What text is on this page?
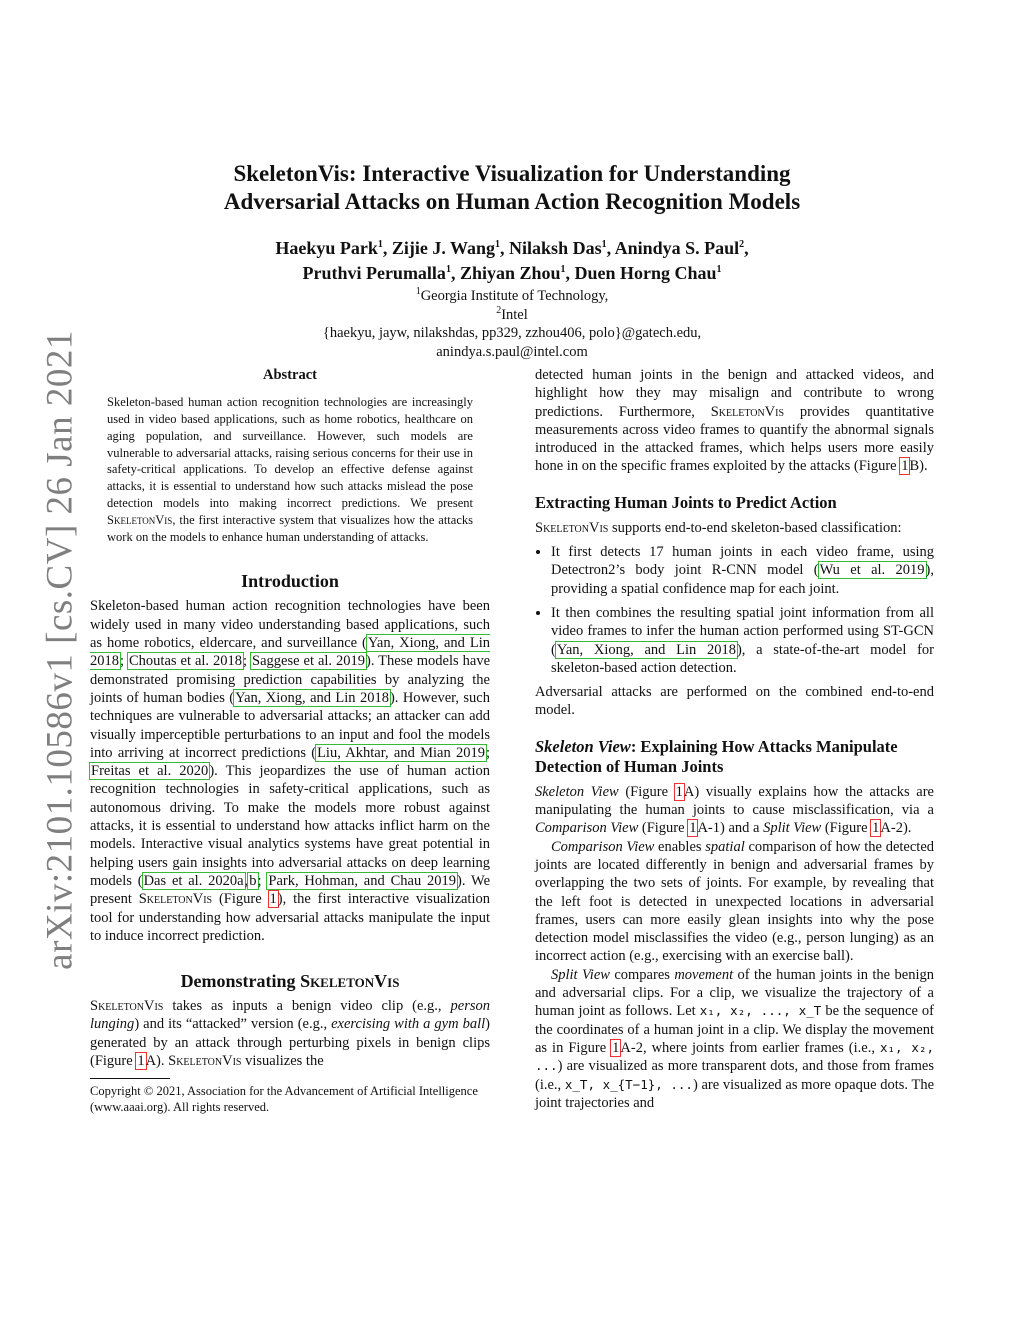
arXiv:2101.10586v1 [cs.CV] 26 Jan 2021
SkeletonVis: Interactive Visualization for Understanding
Adversarial Attacks on Human Action Recognition Models
Haekyu Park$^1$, Zijie J. Wang$^1$, Nilaksh Das$^1$, Anindya S. Paul$^2$,
Pruthvi Perumalla$^1$, Zhiyan Zhou$^1$, Duen Horng Chau$^1$
$^1$Georgia Institute of Technology,
$^2$Intel
{haekyu, jayw, nilakshdas, pp329, zzhou406, polo}@gatech.edu,
anindya.s.paul@intel.com
Abstract

Skeleton-based human action recognition technologies are increasingly used in video based applications, such as home robotics, healthcare on aging population, and surveillance. However, such models are vulnerable to adversarial attacks, raising serious concerns for their use in safety-critical applications. To develop an effective defense against attacks, it is essential to understand how such attacks mislead the pose detection models into making incorrect predictions. We present SkeletonVis, the first interactive system that visualizes how the attacks work on the models to enhance human understanding of attacks.

Introduction

Skeleton-based human action recognition technologies have been widely used in many video understanding based applications, such as home robotics, eldercare, and surveillance (Yan, Xiong, and Lin 2018; Choutas et al. 2018; Saggese et al. 2019). These models have demonstrated promising prediction capabilities by analyzing the joints of human bodies (Yan, Xiong, and Lin 2018). However, such techniques are vulnerable to adversarial attacks; an attacker can add visually imperceptible perturbations to an input and fool the models into arriving at incorrect predictions (Liu, Akhtar, and Mian 2019; Freitas et al. 2020). This jeopardizes the use of human action recognition technologies in safety-critical applications, such as autonomous driving. To make the models more robust against attacks, it is essential to understand how attacks inflict harm on the models. Interactive visual analytics systems have great potential in helping users gain insights into adversarial attacks on deep learning models (Das et al. 2020a,b; Park, Hohman, and Chau 2019). We present SkeletonVis (Figure 1), the first interactive visualization tool for understanding how adversarial attacks manipulate the input to induce incorrect prediction.

Demonstrating SkeletonVis

SkeletonVis takes as inputs a benign video clip (e.g., person lunging) and its “attacked” version (e.g., exercising with a gym ball) generated by an attack through perturbing pixels in benign clips (Figure 1A). SkeletonVis visualizes the

Copyright © 2021, Association for the Advancement of Artificial Intelligence (www.aaai.org). All rights reserved.

detected human joints in the benign and attacked videos, and highlight how they may misalign and contribute to wrong predictions. Furthermore, SkeletonVis provides quantitative measurements across video frames to quantify the abnormal signals introduced in the attacked frames, which helps users more easily hone in on the specific frames exploited by the attacks (Figure 1B).

Extracting Human Joints to Predict Action

SkeletonVis supports end-to-end skeleton-based classification:

• It first detects 17 human joints in each video frame, using Detectron2’s body joint R-CNN model (Wu et al. 2019), providing a spatial confidence map for each joint.
• It then combines the resulting spatial joint information from all video frames to infer the human action performed using ST-GCN (Yan, Xiong, and Lin 2018), a state-of-the-art model for skeleton-based action detection.

Adversarial attacks are performed on the combined end-to-end model.

Skeleton View: Explaining How Attacks Manipulate Detection of Human Joints

Skeleton View (Figure 1A) visually explains how the attacks are manipulating the human joints to cause misclassification, via a Comparison View (Figure 1A-1) and a Split View (Figure 1A-2).

Comparison View enables spatial comparison of how the detected joints are located differently in benign and adversarial frames by overlapping the two sets of joints. For example, by revealing that the left foot is detected in unexpected locations in adversarial frames, users can more easily glean insights into why the pose detection model misclassifies the video (e.g., person lunging) as an incorrect action (e.g., exercising with an exercise ball).

Split View compares movement of the human joints in the benign and adversarial clips. For a clip, we visualize the trajectory of a human joint as follows. Let x₁, x₂, ..., x_T be the sequence of the coordinates of a human joint in a clip. We display the movement as in Figure 1A-2, where joints from earlier frames (i.e., x₁, x₂, ...) are visualized as more transparent dots, and those from frames (i.e., x_T, x_{T−1}, ...) are visualized as more opaque dots. The joint trajectories and
